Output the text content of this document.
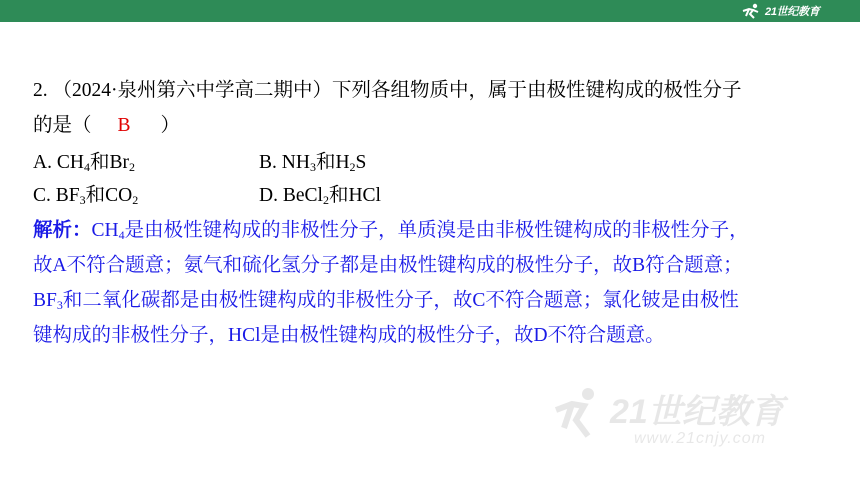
21世纪教育
2. （2024·泉州第六中学高二期中）下列各组物质中，属于由极性键构成的极性分子
的是（ B ）
A. $CH_4$和$Br_2$	B. $NH_3$和$H_2S$
C. $BF_3$和$CO_2$	D. BeCl$_2$和HCl
解析：$CH_4$是由极性键构成的非极性分子，单质溴是由非极性键构成的非极性分子，
故A不符合题意；氨气和硫化氢分子都是由极性键构成的极性分子，故B符合题意；
$BF_3$和二氧化碳都是由极性键构成的非极性分子，故C不符合题意；氯化铍是由极性
键构成的非极性分子，HCl是由极性键构成的极性分子，故D不符合题意。
21世纪教育
www.21cnjy.com
